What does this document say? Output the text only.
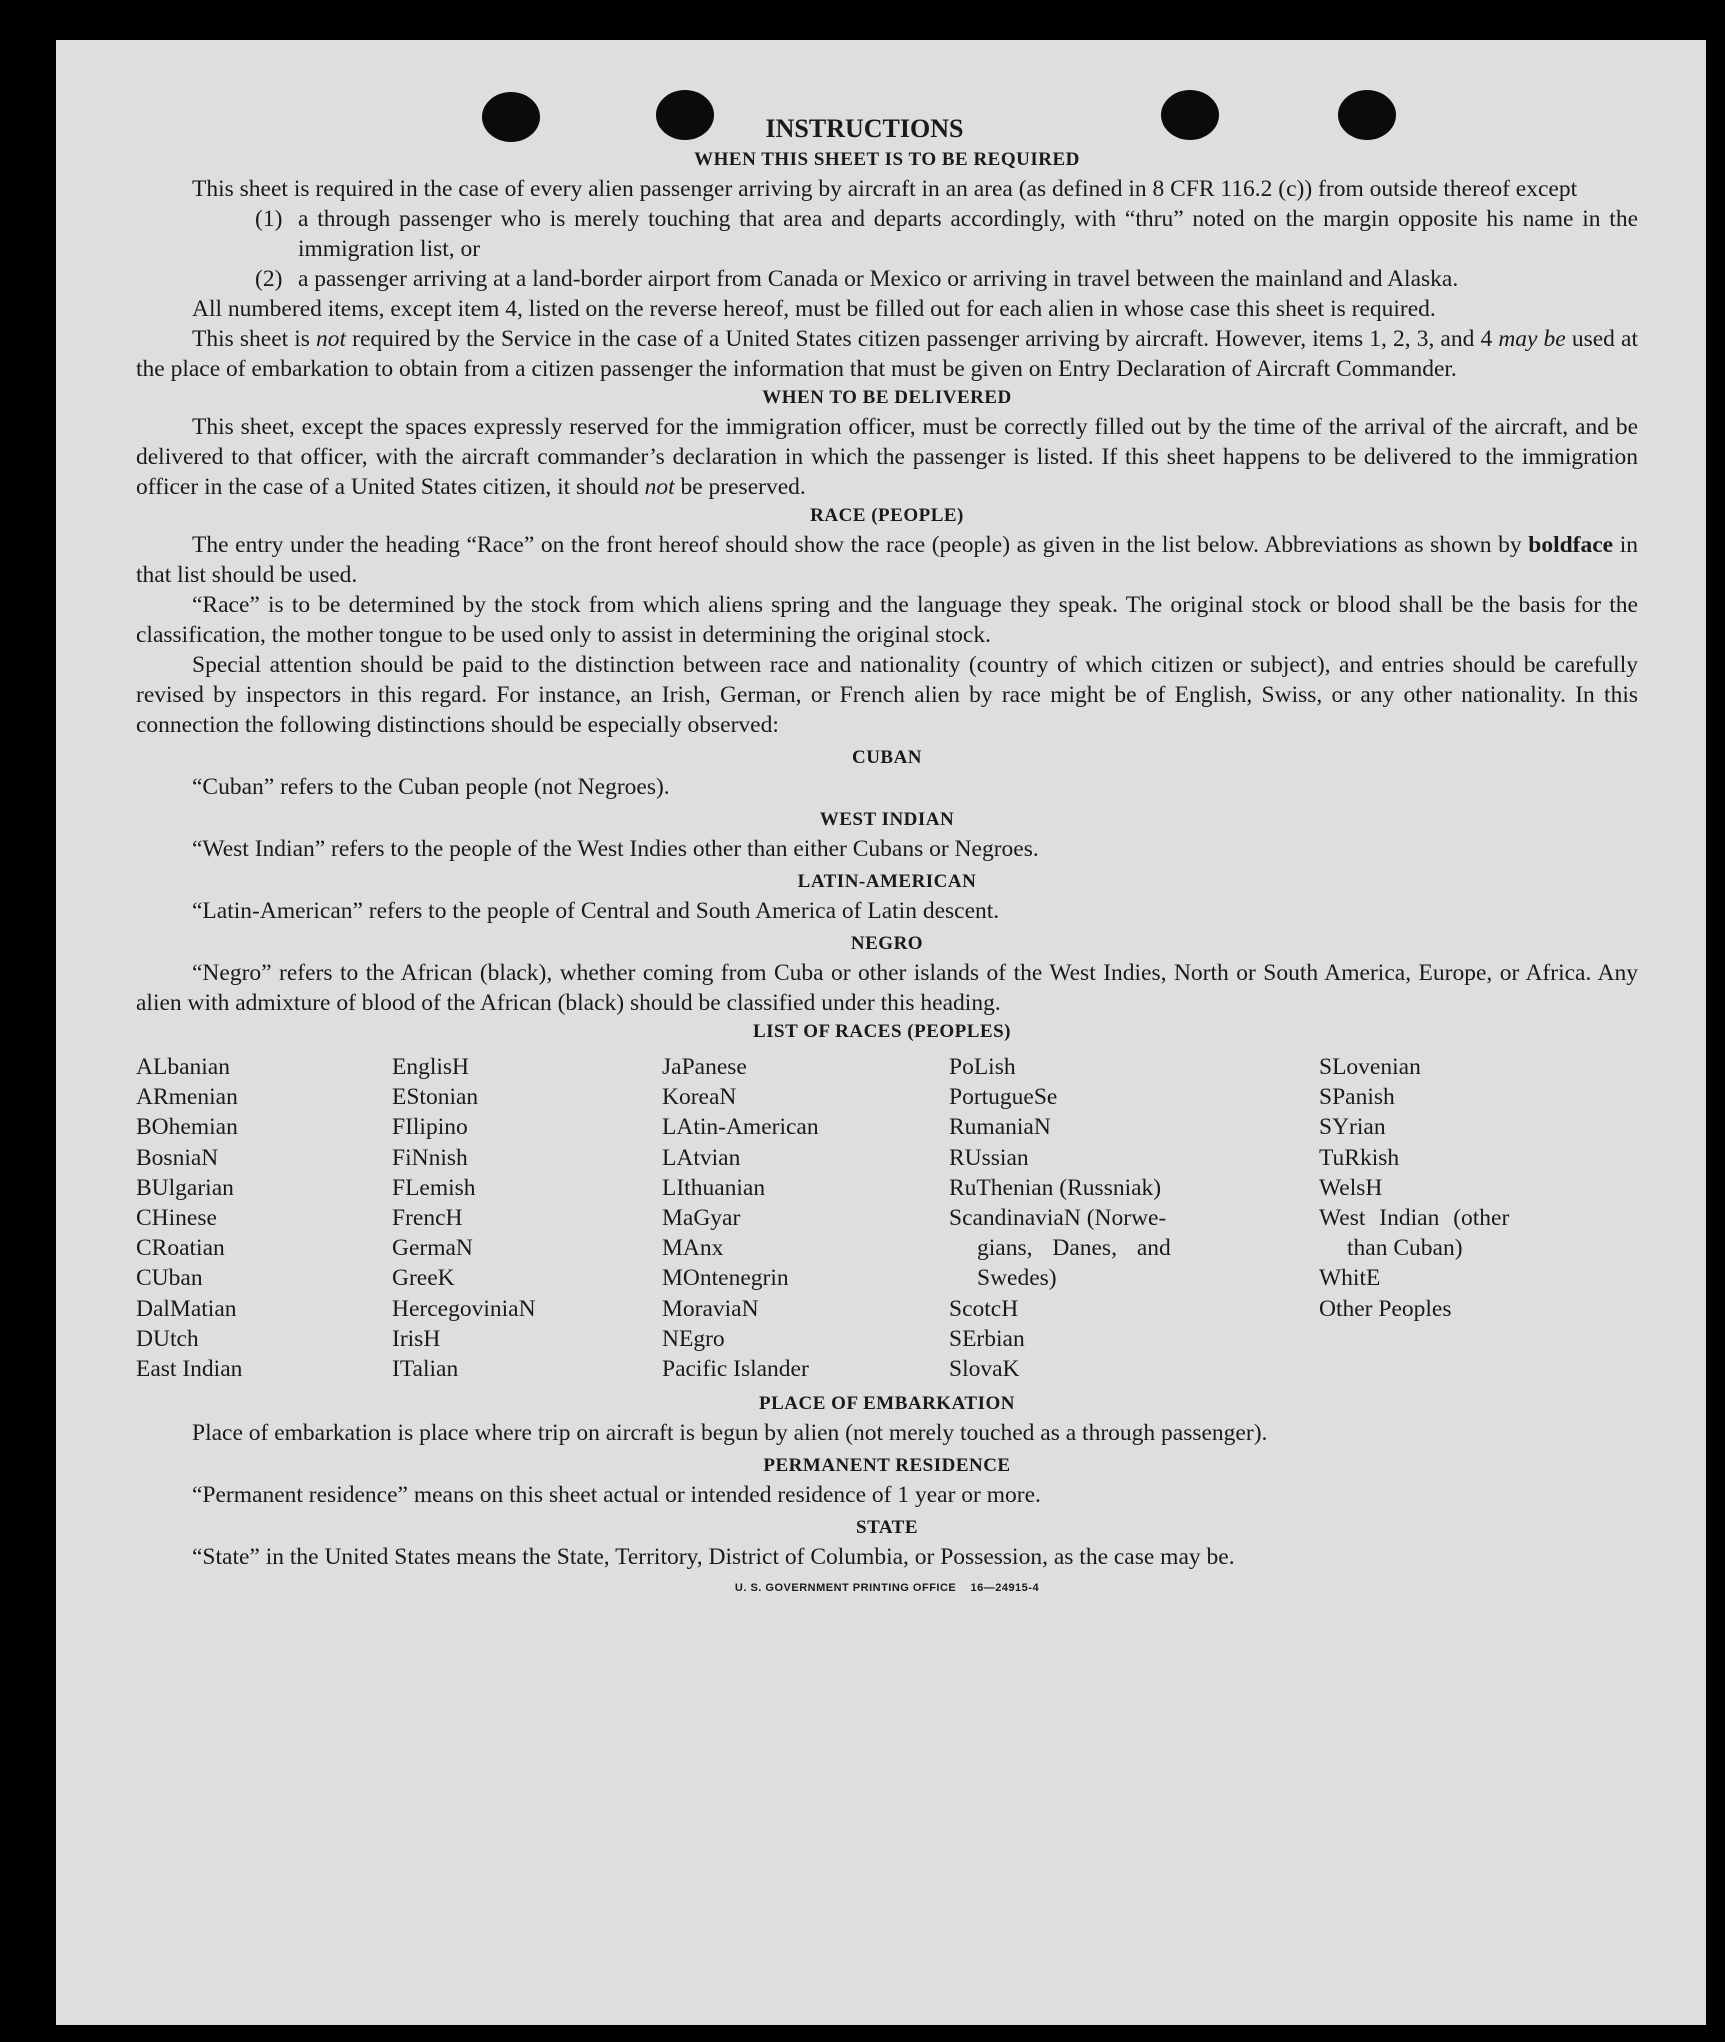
INSTRUCTIONS
WHEN THIS SHEET IS TO BE REQUIRED

This sheet is required in the case of every alien passenger arriving by aircraft in an area (as defined in 8 CFR 116.2 (c)) from outside thereof except

(1) a through passenger who is merely touching that area and departs accordingly, with “thru” noted on the margin opposite his name in the immigration list, or
(2) a passenger arriving at a land-border airport from Canada or Mexico or arriving in travel between the mainland and Alaska.

All numbered items, except item 4, listed on the reverse hereof, must be filled out for each alien in whose case this sheet is required.

This sheet is not required by the Service in the case of a United States citizen passenger arriving by aircraft. However, items 1, 2, 3, and 4 may be used at the place of embarkation to obtain from a citizen passenger the information that must be given on Entry Declaration of Aircraft Commander.

WHEN TO BE DELIVERED

This sheet, except the spaces expressly reserved for the immigration officer, must be correctly filled out by the time of the arrival of the aircraft, and be delivered to that officer, with the aircraft commander’s declaration in which the passenger is listed. If this sheet happens to be delivered to the immigration officer in the case of a United States citizen, it should not be preserved.

RACE (PEOPLE)

The entry under the heading “Race” on the front hereof should show the race (people) as given in the list below. Abbreviations as shown by boldface in that list should be used.

“Race” is to be determined by the stock from which aliens spring and the language they speak. The original stock or blood shall be the basis for the classification, the mother tongue to be used only to assist in determining the original stock.

Special attention should be paid to the distinction between race and nationality (country of which citizen or subject), and entries should be carefully revised by inspectors in this regard. For instance, an Irish, German, or French alien by race might be of English, Swiss, or any other nationality. In this connection the following distinctions should be especially observed:

CUBAN

“Cuban” refers to the Cuban people (not Negroes).

WEST INDIAN

“West Indian” refers to the people of the West Indies other than either Cubans or Negroes.

LATIN-AMERICAN

“Latin-American” refers to the people of Central and South America of Latin descent.

NEGRO

“Negro” refers to the African (black), whether coming from Cuba or other islands of the West Indies, North or South America, Europe, or Africa. Any alien with admixture of blood of the African (black) should be classified under this heading.

LIST OF RACES (PEOPLES)
ALbanian
ARmenian
BOhemian
BosniaN
BUlgarian
CHinese
CRoatian
CUban
DalMatian
DUtch
East Indian
EnglisH
EStonian
FIlipino
FiNnish
FLemish
FrencH
GermaN
GreeK
HercegoviniaN
IrisH
ITalian
JaPanese
KoreaN
LAtin-American
LAtvian
LIthuanian
MaGyar
MAnx
MOntenegrin
MoraviaN
NEgro
Pacific Islander
PoLish
PortugueSe
RumaniaN
RUssian
RuThenian (Russniak)
ScandinaviaN (Norwe-
gians, Danes, and
Swedes)
ScotcH
SErbian
SlovaK
SLovenian
SPanish
SYrian
TuRkish
WelsH
West Indian (other
than Cuban)
WhitE
Other Peoples
PLACE OF EMBARKATION

Place of embarkation is place where trip on aircraft is begun by alien (not merely touched as a through passenger).

PERMANENT RESIDENCE

“Permanent residence” means on this sheet actual or intended residence of 1 year or more.

STATE

“State” in the United States means the State, Territory, District of Columbia, or Possession, as the case may be.

U. S. GOVERNMENT PRINTING OFFICE    16—24915-4
